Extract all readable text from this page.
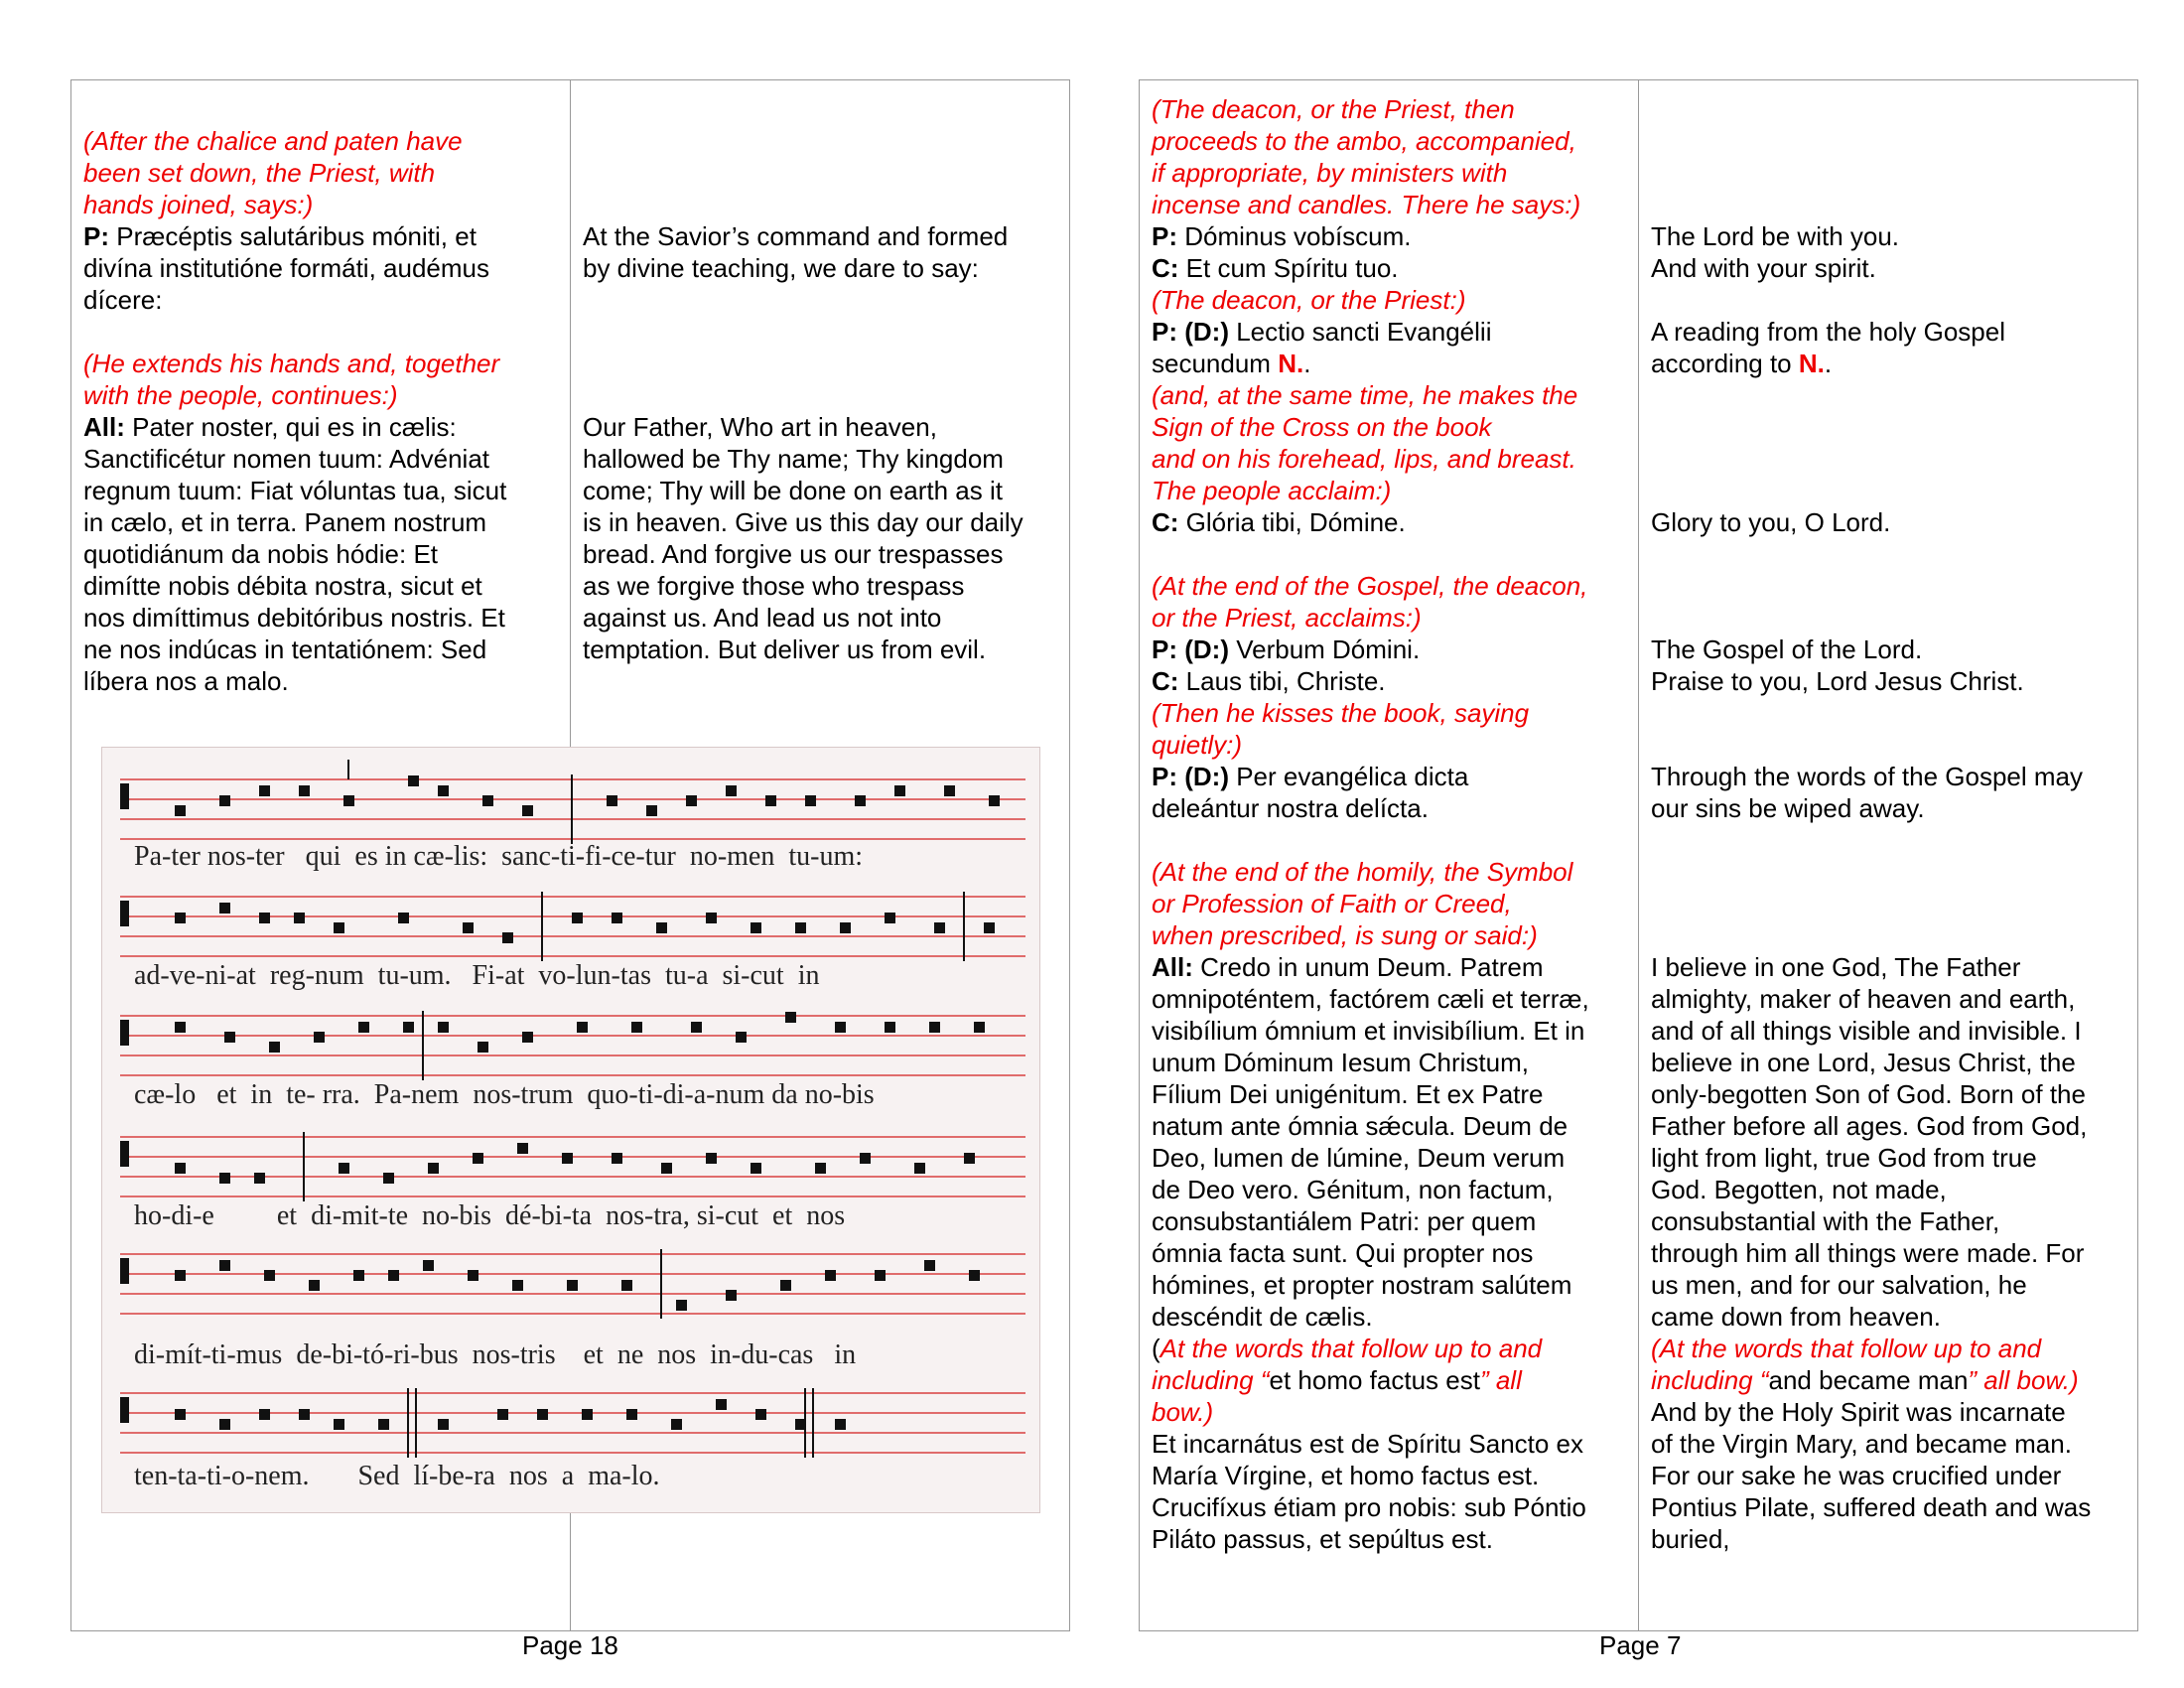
(After the chalice and paten have
been set down, the Priest, with
hands joined, says:)
P: Præcéptis salutáribus móniti, et
divína institutióne formáti, audémus
dícere:
(He extends his hands and, together
with the people, continues:)
All: Pater noster, qui es in cælis:
Sanctificétur nomen tuum: Advéniat
regnum tuum: Fiat vóluntas tua, sicut
in cælo, et in terra. Panem nostrum
quotidiánum da nobis hódie: Et
dimítte nobis débita nostra, sicut et
nos dimíttimus debitóribus nostris. Et
ne nos indúcas in tentatiónem: Sed
líbera nos a malo.
At the Savior’s command and formed
by divine teaching, we dare to say:
Our Father, Who art in heaven,
hallowed be Thy name; Thy kingdom
come; Thy will be done on earth as it
is in heaven. Give us this day our daily
bread. And forgive us our trespasses
as we forgive those who trespass
against us. And lead us not into
temptation. But deliver us from evil.
Pa-ter nos-ter   qui  es in cæ-lis:  sanc-ti-fi-ce-tur  no-men  tu-um:
ad-ve-ni-at  reg-num  tu-um.   Fi-at  vo-lun-tas  tu-a  si-cut  in
cæ-lo   et  in  te- rra.  Pa-nem  nos-trum  quo-ti-di-a-num da no-bis
ho-di-e         et  di-mit-te  no-bis  dé-bi-ta  nos-tra, si-cut  et  nos
di-mít-ti-mus  de-bi-tó-ri-bus  nos-tris    et  ne  nos  in-du-cas   in
ten-ta-ti-o-nem.       Sed  lí-be-ra  nos  a  ma-lo.
Page 18
(The deacon, or the Priest, then
proceeds to the ambo, accompanied,
if appropriate, by ministers with
incense and candles. There he says:)
P: Dóminus vobíscum.
C: Et cum Spíritu tuo.
(The deacon, or the Priest:)
P: (D:) Lectio sancti Evangélii
secundum N..
(and, at the same time, he makes the
Sign of the Cross on the book
and on his forehead, lips, and breast.
The people acclaim:)
C: Glória tibi, Dómine.
(At the end of the Gospel, the deacon,
or the Priest, acclaims:)
P: (D:) Verbum Dómini.
C: Laus tibi, Christe.
(Then he kisses the book, saying
quietly:)
P: (D:) Per evangélica dicta
deleántur nostra delícta.
(At the end of the homily, the Symbol
or Profession of Faith or Creed,
when prescribed, is sung or said:)
All: Credo in unum Deum. Patrem
omnipoténtem, factórem cæli et terræ,
visibílium ómnium et invisibílium. Et in
unum Dóminum Iesum Christum,
Fílium Dei unigénitum. Et ex Patre
natum ante ómnia sǽcula. Deum de
Deo, lumen de lúmine, Deum verum
de Deo vero. Génitum, non factum,
consubstantiálem Patri: per quem
ómnia facta sunt. Qui propter nos
hómines, et propter nostram salútem
descéndit de cælis.
(At the words that follow up to and
including “et homo factus est” all
bow.)
Et incarnátus est de Spíritu Sancto ex
María Vírgine, et homo factus est.
Crucifíxus étiam pro nobis: sub Póntio
Piláto passus, et sepúltus est.
The Lord be with you.
And with your spirit.
A reading from the holy Gospel
according to N..
Glory to you, O Lord.
The Gospel of the Lord.
Praise to you, Lord Jesus Christ.
Through the words of the Gospel may
our sins be wiped away.
I believe in one God, The Father
almighty, maker of heaven and earth,
and of all things visible and invisible. I
believe in one Lord, Jesus Christ, the
only-begotten Son of God. Born of the
Father before all ages. God from God,
light from light, true God from true
God. Begotten, not made,
consubstantial with the Father,
through him all things were made. For
us men, and for our salvation, he
came down from heaven.
(At the words that follow up to and
including “and became man” all bow.)
And by the Holy Spirit was incarnate
of the Virgin Mary, and became man.
For our sake he was crucified under
Pontius Pilate, suffered death and was
buried,
Page 7
